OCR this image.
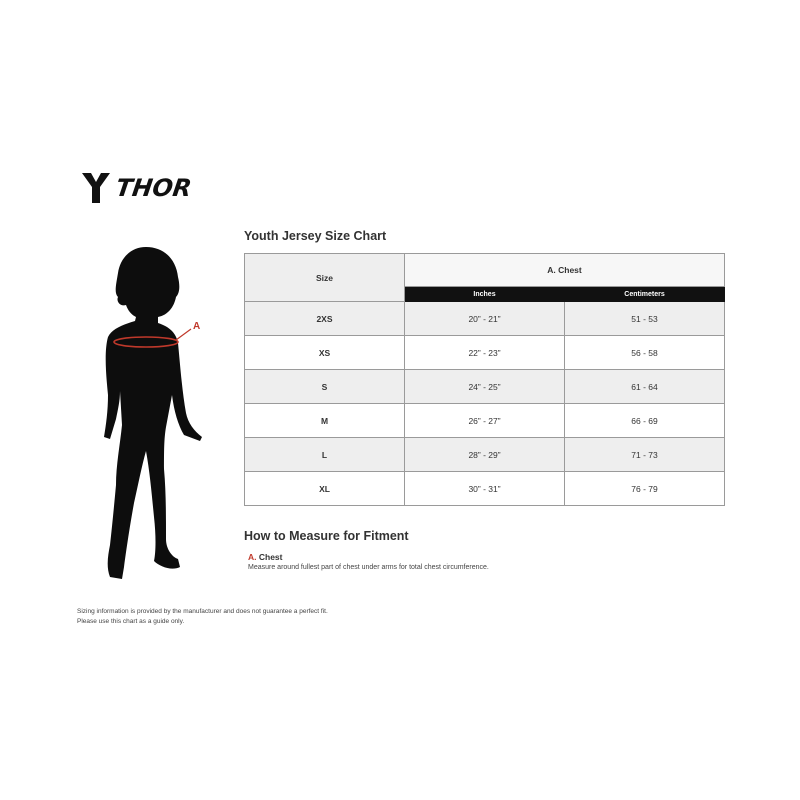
THOR
A
Youth Jersey Size Chart
Size	A. Chest	
	Inches	Centimeters
2XS	20” - 21”	51 - 53
XS	22” - 23”	56 - 58
S	24” - 25”	61 - 64
M	26” - 27”	66 - 69
L	28” - 29”	71 - 73
XL	30” - 31”	76 - 79
How to Measure for Fitment
A. Chest
Measure around fullest part of chest under arms for total chest circumference.
Sizing information is provided by the manufacturer and does not guarantee a perfect fit.
Please use this chart as a guide only.
